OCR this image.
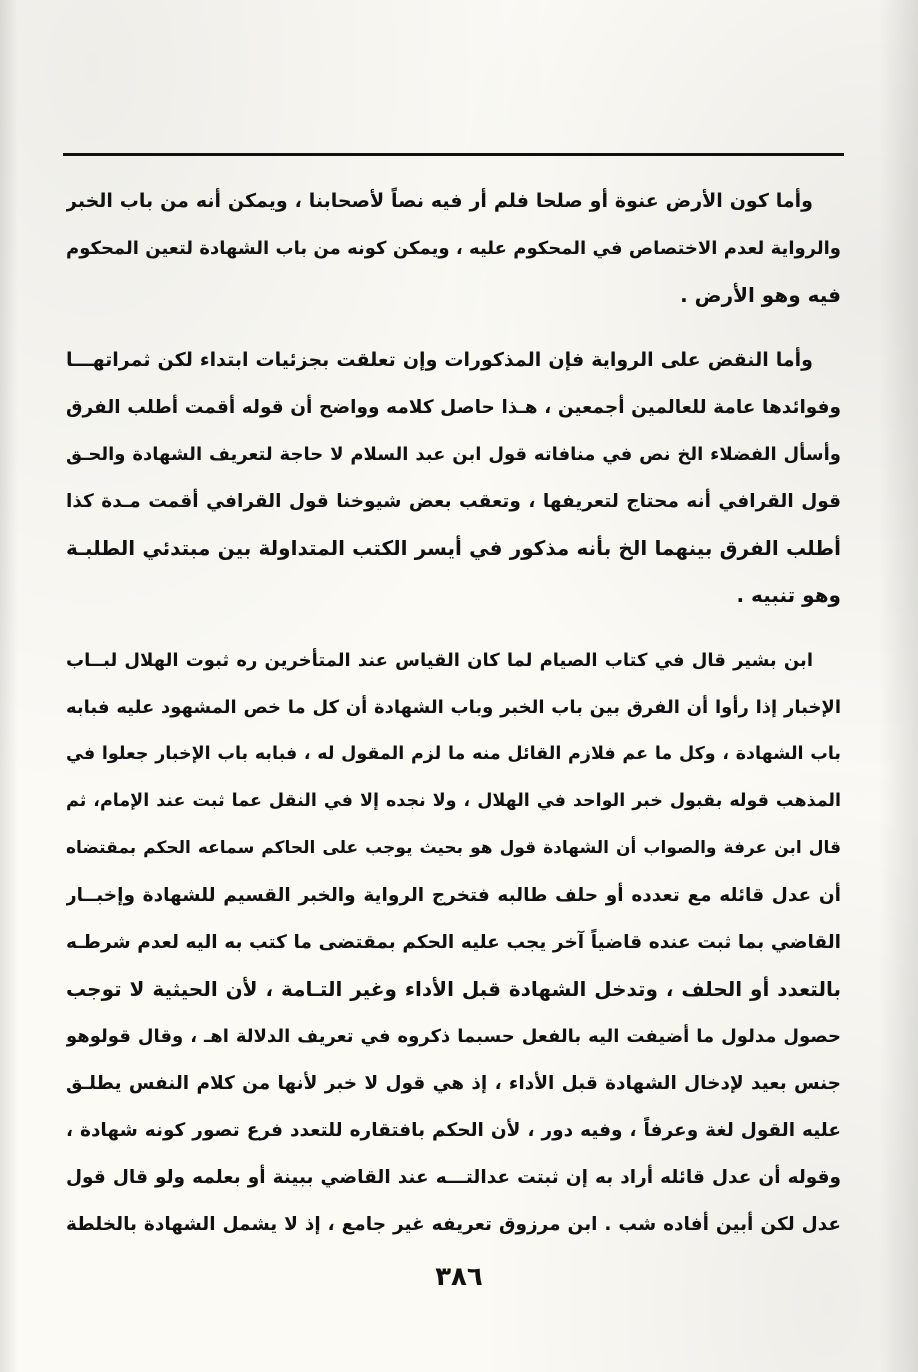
وأما كون الأرض عنوة أو صلحا فلم أر فيه نصاً لأصحابنا ، ويمكن أنه من باب الخبر
والرواية لعدم الاختصاص في المحكوم عليه ، ويمكن كونه من باب الشهادة لتعين المحكوم
فيه وهو الأرض .
وأما النقض على الرواية فإن المذكورات وإن تعلقت بجزئيات ابتداء لكن ثمراتهـــا
وفوائدها عامة للعالمين أجمعين ، هـذا حاصل كلامه وواضح أن قوله أقمت أطلب الفرق
وأسأل الفضلاء الخ نص في منافاته قول ابن عبد السلام لا حاجة لتعريف الشهادة والحـق
قول القرافي أنه محتاج لتعريفها ، وتعقب بعض شيوخنا قول القرافي أقمت مـدة كذا
أطلب الفرق بينهما الخ بأنه مذكور في أيسر الكتب المتداولة بين مبتدئي الطلبـة
وهو تنبيه .
ابن بشير قال في كتاب الصيام لما كان القياس عند المتأخرين ره ثبوت الهلال لبــاب
الإخبار إذا رأوا أن الفرق بين باب الخبر وباب الشهادة أن كل ما خص المشهود عليه فبابه
باب الشهادة ، وكل ما عم فلازم القائل منه ما لزم المقول له ، فبابه باب الإخبار جعلوا في
المذهب قوله بقبول خبر الواحد في الهلال ، ولا نجده إلا في النقل عما ثبت عند الإمام، ثم
قال ابن عرفة والصواب أن الشهادة قول هو بحيث يوجب على الحاكم سماعه الحكم بمقتضاه
أن عدل قائله مع تعدده أو حلف طالبه فتخرج الرواية والخبر القسيم للشهادة وإخبــار
القاضي بما ثبت عنده قاضياً آخر يجب عليه الحكم بمقتضى ما كتب به اليه لعدم شرطـه
بالتعدد أو الحلف ، وتدخل الشهادة قبل الأداء وغير التـامة ، لأن الحيثية لا توجب
حصول مدلول ما أضيفت اليه بالفعل حسبما ذكروه في تعريف الدلالة اهـ ، وقال قولوهو
جنس بعيد لإدخال الشهادة قبل الأداء ، إذ هي قول لا خبر لأنها من كلام النفس يطلـق
عليه القول لغة وعرفاً ، وفيه دور ، لأن الحكم بافتقاره للتعدد فرع تصور كونه شهادة ،
وقوله أن عدل قائله أراد به إن ثبتت عدالتـــه عند القاضي ببينة أو بعلمه ولو قال قول
عدل لكن أبين أفاده شب . ابن مرزوق تعريفه غير جامع ، إذ لا يشمل الشهادة بالخلطة
٣٨٦
